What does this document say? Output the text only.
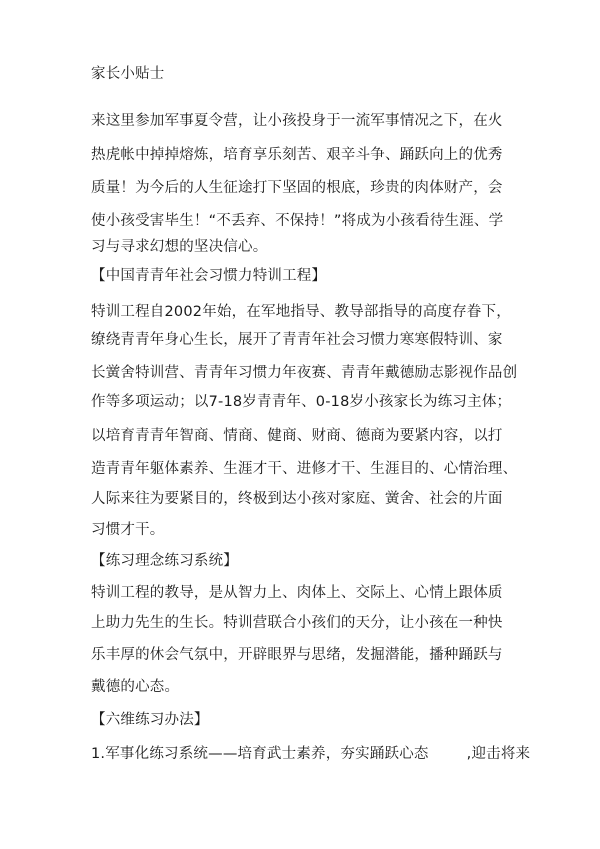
家长小贴士
来这里参加军事夏令营，让小孩投身于一流军事情况之下，在火
热虎帐中掉掉熔炼，培育享乐刻苦、艰辛斗争、踊跃向上的优秀
质量！为今后的人生征途打下坚固的根底，珍贵的肉体财产，会
使小孩受害毕生！“不丢弃、不保持！”将成为小孩看待生涯、学
习与寻求幻想的坚决信心。
【中国青青年社会习惯力特训工程】
特训工程自2002年始，在军地指导、教导部指导的高度存眷下，
缭绕青青年身心生长，展开了青青年社会习惯力寒寒假特训、家
长黉舍特训营、青青年习惯力年夜赛、青青年戴德励志影视作品创
作等多项运动；以7-18岁青青年、0-18岁小孩家长为练习主体；
以培育青青年智商、情商、健商、财商、德商为要紧内容，以打
造青青年躯体素养、生涯才干、进修才干、生涯目的、心情治理、
人际来往为要紧目的，终极到达小孩对家庭、黉舍、社会的片面
习惯才干。
【练习理念练习系统】
特训工程的教导，是从智力上、肉体上、交际上、心情上跟体质
上助力先生的生长。特训营联合小孩们的天分，让小孩在一种快
乐丰厚的休会气氛中，开辟眼界与思绪，发掘潜能，播种踊跃与
戴德的心态。
【六维练习办法】
1.军事化练习系统——培育武士素养，夯实踊跃心态	,迎击将来
